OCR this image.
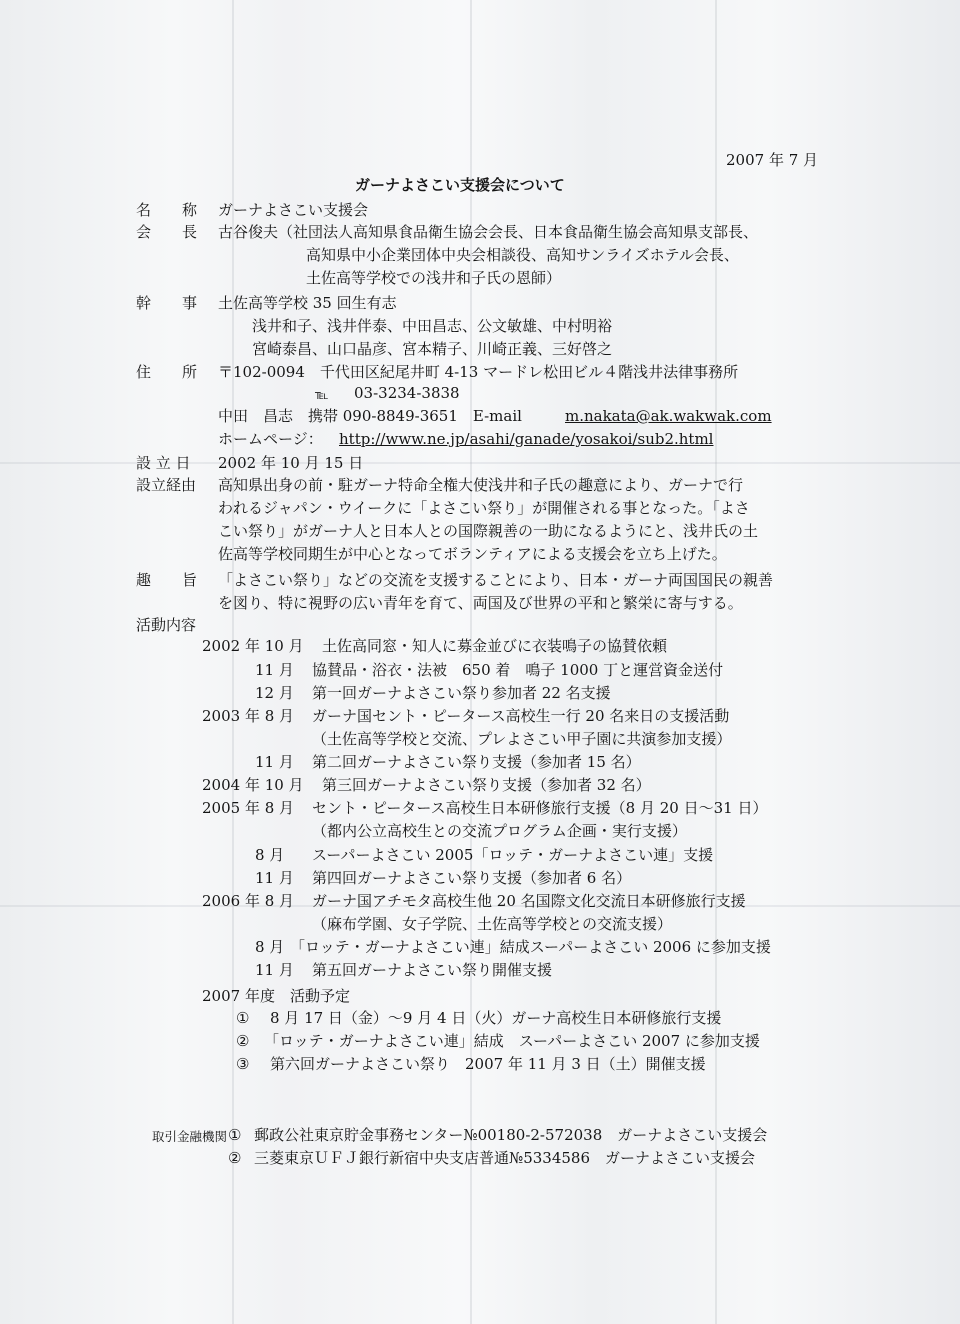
2007 年 7 月
ガーナよさこい支援会について
名 称 ガーナよさこい支援会
会 長 古谷俊夫（社団法人高知県食品衛生協会会長、日本食品衛生協会高知県支部長、
高知県中小企業団体中央会相談役、高知サンライズホテル会長、
土佐高等学校での浅井和子氏の恩師）
幹 事 土佐高等学校 35 回生有志
浅井和子、浅井伴泰、中田昌志、公文敏雄、中村明裕
宮崎泰昌、山口晶彦、宮本精子、川崎正義、三好啓之
住 所 〒102-0094　千代田区紀尾井町 4-13 マードレ松田ビル４階浅井法律事務所
℡ 03-3234-3838
中田　昌志　携帯 090-8849-3651　E-mail	m.nakata@ak.wakwak.com
ホームページ： http://www.ne.jp/asahi/ganade/yosakoi/sub2.html
設 立 日 2002 年 10 月 15 日
設立経由 高知県出身の前・駐ガーナ特命全権大使浅井和子氏の趣意により、ガーナで行
われるジャパン・ウイークに「よさこい祭り」が開催される事となった。「よさ
こい祭り」がガーナ人と日本人との国際親善の一助になるようにと、浅井氏の土
佐高等学校同期生が中心となってボランティアによる支援会を立ち上げた。
趣 旨 「よさこい祭り」などの交流を支援することにより、日本・ガーナ両国国民の親善
を図り、特に視野の広い青年を育て、両国及び世界の平和と繁栄に寄与する。
活動内容
2002 年 10 月 土佐高同窓・知人に募金並びに衣装鳴子の協賛依頼
11 月 協賛品・浴衣・法被　650 着　鳴子 1000 丁と運営資金送付
12 月 第一回ガーナよさこい祭り参加者 22 名支援
2003 年 8 月 ガーナ国セント・ピータース高校生一行 20 名来日の支援活動
（土佐高等学校と交流、プレよさこい甲子園に共演参加支援）
11 月 第二回ガーナよさこい祭り支援（参加者 15 名）
2004 年 10 月 第三回ガーナよさこい祭り支援（参加者 32 名）
2005 年 8 月 セント・ピータース高校生日本研修旅行支援（8 月 20 日～31 日）
（都内公立高校生との交流プログラム企画・実行支援）
8 月 スーパーよさこい 2005「ロッテ・ガーナよさこい連」支援
11 月 第四回ガーナよさこい祭り支援（参加者 6 名）
2006 年 8 月 ガーナ国アチモタ高校生他 20 名国際文化交流日本研修旅行支援
（麻布学園、女子学院、土佐高等学校との交流支援）
8 月 「ロッテ・ガーナよさこい連」結成スーパーよさこい 2006 に参加支援
11 月 第五回ガーナよさこい祭り開催支援
2007 年度　活動予定
① 8 月 17 日（金）～9 月 4 日（火）ガーナ高校生日本研修旅行支援
② 「ロッテ・ガーナよさこい連」結成　スーパーよさこい 2007 に参加支援
③ 第六回ガーナよさこい祭り　2007 年 11 月 3 日（土）開催支援
取引金融機関 ① 郵政公社東京貯金事務センター№00180-2-572038　ガーナよさこい支援会
② 三菱東京ＵＦＪ銀行新宿中央支店普通№5334586　ガーナよさこい支援会
